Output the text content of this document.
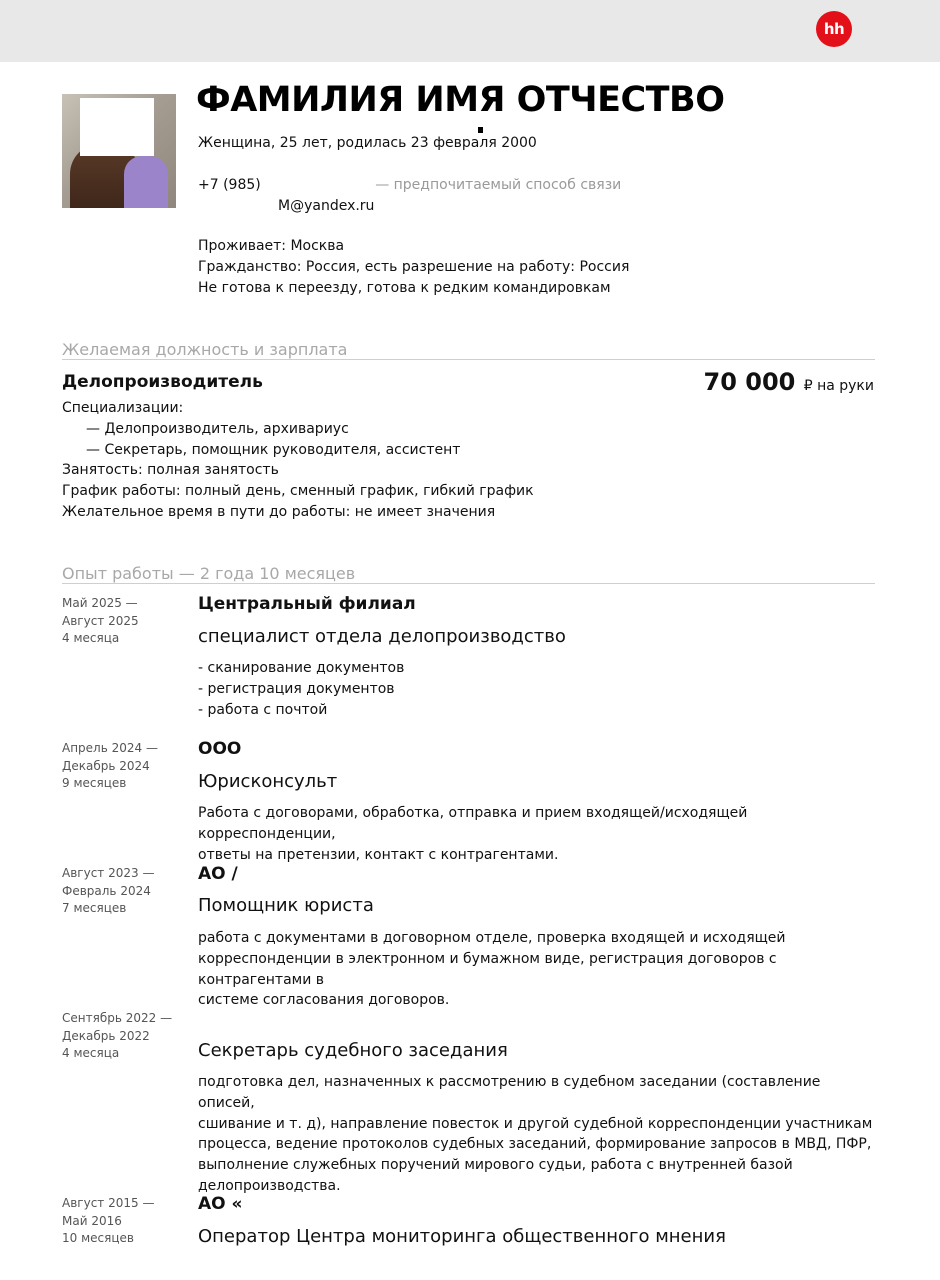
hh
ФАМИЛИЯ ИМЯ ОТЧЕСТВО
Женщина, 25 лет, родилась 23 февраля 2000
+7 (985)	— предпочитаемый способ связи
М@yandex.ru
Проживает: Москва
Гражданство: Россия, есть разрешение на работу: Россия
Не готова к переезду, готова к редким командировкам
Желаемая должность и зарплата
Делопроизводитель	70 000 ₽ на руки
Специализации:
— Делопроизводитель, архивариус
— Секретарь, помощник руководителя, ассистент
Занятость: полная занятость
График работы: полный день, сменный график, гибкий график
Желательное время в пути до работы: не имеет значения
Опыт работы — 2 года 10 месяцев
Май 2025 —
Август 2025
4 месяца
Центральный филиал
специалист отдела делопроизводство
- сканирование документов
- регистрация документов
- работа с почтой
Апрель 2024 —
Декабрь 2024
9 месяцев
ООО
Юрисконсульт
Работа с договорами, обработка, отправка и прием входящей/исходящей корреспонденции,
ответы на претензии, контакт с контрагентами.
Август 2023 —
Февраль 2024
7 месяцев
АО /
Помощник юриста
работа с документами в договорном отделе, проверка входящей и исходящей
корреспонденции в электронном и бумажном виде, регистрация договоров с контрагентами в
системе согласования договоров.
Сентябрь 2022 —
Декабрь 2022
4 месяца	Секретарь судебного заседания
подготовка дел, назначенных к рассмотрению в судебном заседании (составление описей,
сшивание и т. д), направление повесток и другой судебной корреспонденции участникам
процесса, ведение протоколов судебных заседаний, формирование запросов в МВД, ПФР,
выполнение служебных поручений мирового судьи, работа с внутренней базой
делопроизводства.
Август 2015 —
Май 2016
10 месяцев
АО «
Оператор Центра мониторинга общественного мнения
